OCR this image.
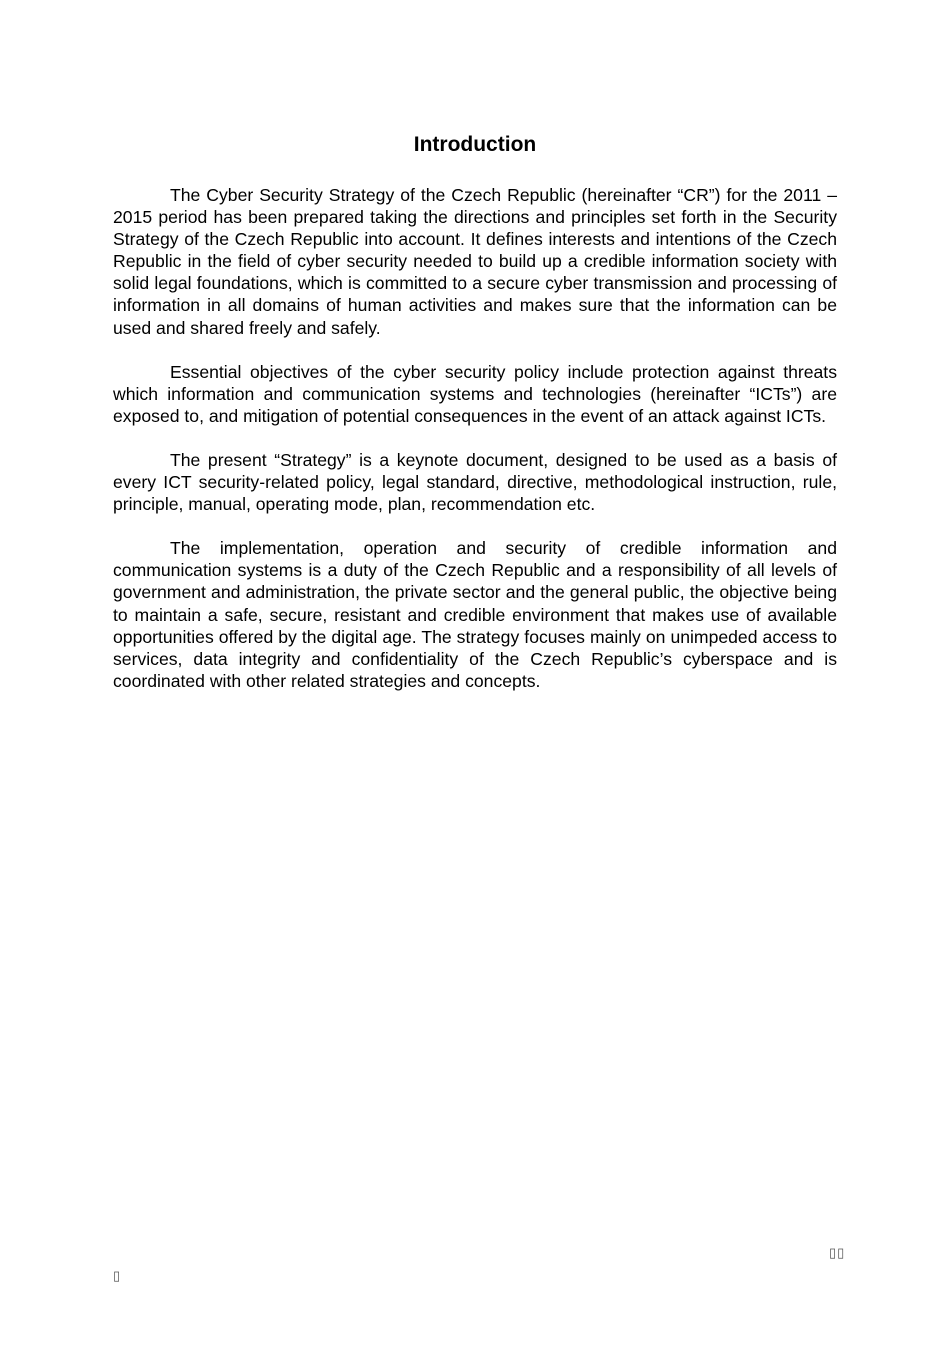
Introduction

The Cyber Security Strategy of the Czech Republic (hereinafter “CR”) for the 2011 – 2015 period has been prepared taking the directions and principles set forth in the Security Strategy of the Czech Republic into account. It defines interests and intentions of the Czech Republic in the field of cyber security needed to build up a credible information society with solid legal foundations, which is committed to a secure cyber transmission and processing of information in all domains of human activities and makes sure that the information can be used and shared freely and safely.

Essential objectives of the cyber security policy include protection against threats which information and communication systems and technologies (hereinafter “ICTs”) are exposed to, and mitigation of potential consequences in the event of an attack against ICTs.

The present “Strategy” is a keynote document, designed to be used as a basis of every ICT security-related policy, legal standard, directive, methodological instruction, rule, principle, manual, operating mode, plan, recommendation etc.

The implementation, operation and security of credible information and communication systems is a duty of the Czech Republic and a responsibility of all levels of government and administration, the private sector and the general public, the objective being to maintain a safe, secure, resistant and credible environment that makes use of available opportunities offered by the digital age. The strategy focuses mainly on unimpeded access to services, data integrity and confidentiality of the Czech Republic’s cyberspace and is coordinated with other related strategies and concepts.

▯▯
▯
